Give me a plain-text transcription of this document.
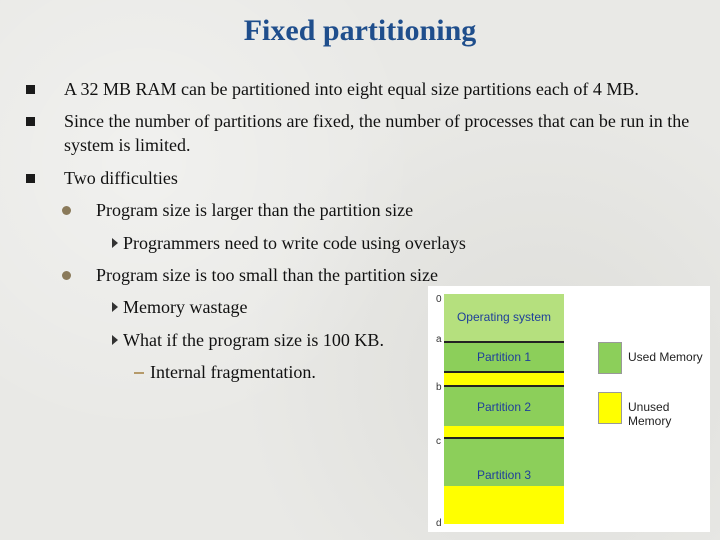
Fixed partitioning
A 32 MB RAM can be partitioned into eight equal size partitions each of 4 MB.
Since the number of partitions are fixed, the number of processes that can be run in the system is limited.
Two difficulties
Program size is larger than the partition size
Programmers need to write code using overlays
Program size is too small than the partition size
Memory wastage
What if the program size is 100 KB.
Internal fragmentation.
0
a
b
c
d
Operating system
Partition 1
Partition 2
Partition 3
Used Memory
Unused Memory
